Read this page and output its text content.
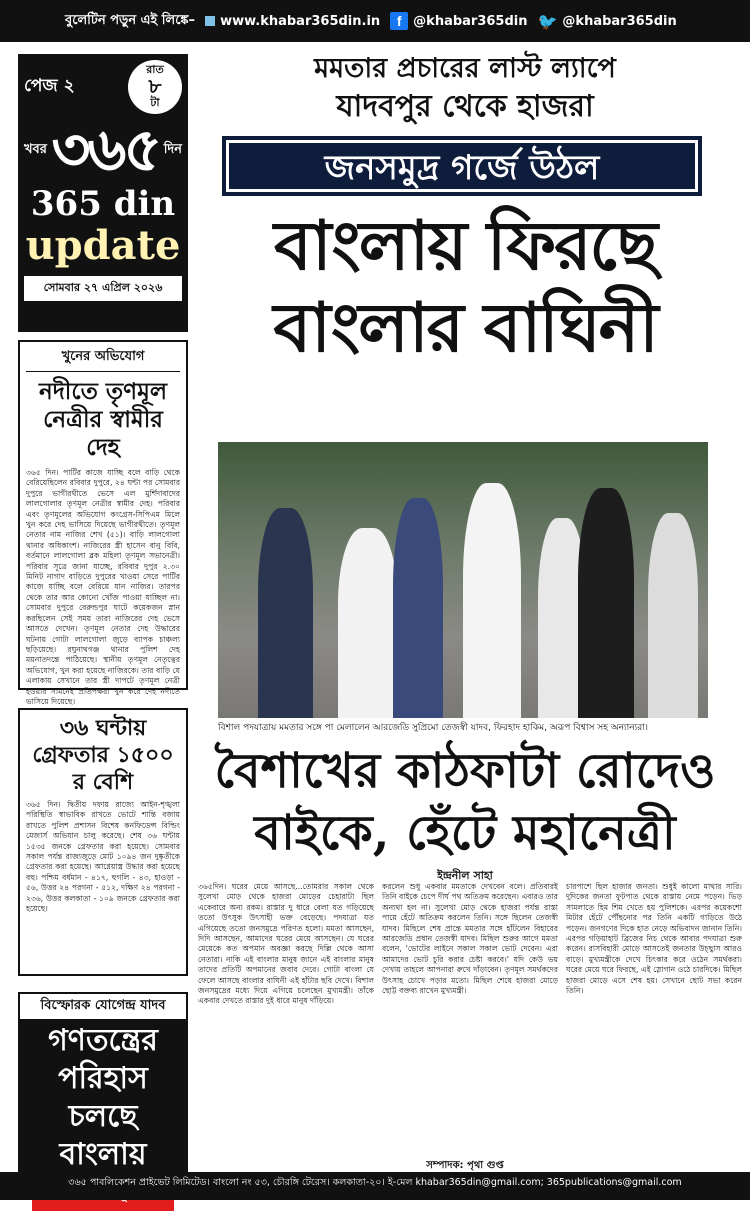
বুলেটিন পড়ুন এই লিঙ্কে– www.khabar365din.in	f @khabar365din 🐦 @khabar365din
পেজ ২
রাত
৮
টা
খবর ৩৬৫ দিন
365 din
update
সোমবার ২৭ এপ্রিল ২০২৬
খুনের অভিযোগ
নদীতে তৃণমূল নেত্রীর স্বামীর দেহ
৩৬৫ দিন। পার্টির কাজে যাচ্ছি বলে বাড়ি থেকে বেরিয়েছিলেন রবিবার দুপুরে, ২৪ ঘন্টা পর সোমবার দুপুরে ভাগীরথীতে ভেসে এল মুর্শিদাবাদের লালগোলার তৃণমূল নেত্রীর স্বামীর দেহ। পরিবার এবং তৃণমূলের অভিযোগ কংগ্রেস-সিপিএম মিলে খুন করে দেহ ভাসিয়ে দিয়েছে ভাগীরথীতে। তৃণমূল নেতার নাম নাজির শেখ (৫১)। বাড়ি লালগোলা থানার অধিকাংশ। নাজিরের স্ত্রী হাসেন বানু বিবি, বর্তমানে লালগোলা ব্লক মহিলা তৃণমূল সভানেত্রী। পরিবার সূত্রে জানা যাচ্ছে, রবিবার দুপুর ২.৩০ মিনিট নাগাদ বাড়িতে দুপুরের খাওয়া সেরে পার্টির কাজে যাচ্ছি বলে বেরিয়ে যান নাজির। তারপর থেকে তার আর কোনো খোঁজ পাওয়া যাচ্ছিল না। সোমবার দুপুরে বেরুন্ডপুর ঘাটে কয়েকজন স্নান করছিলেন সেই সময় তারা নাজিরের দেহ ভেসে আসতে দেখেন। তৃণমূল নেতার দেহ উদ্ধারের ঘটনায় গোটা লালগোলা জুড়ে ব্যাপক চাঞ্চল্য ছড়িয়েছে। রঘুনাথগঞ্জ থানার পুলিশ দেহ ময়নাতদন্তে পাঠিয়েছে। স্থানীয় তৃণমূল নেতৃত্বের অভিযোগ, খুন করা হয়েছে নাজিরকে। তার বাড়ি যে এলাকায় সেখানে তার স্ত্রী দাপটে তৃণমূল নেত্রী হওয়ার সামনেই প্রতিপক্ষরা খুন করে দেহ নদীতে ভাসিয়ে দিয়েছে।
৩৬ ঘন্টায় গ্রেফতার ১৫০০ র বেশি
৩৬৫ দিন। দ্বিতীয় দফায় রাজ্যে আইন-শৃঙ্খলা পরিস্থিতি স্বাভাবিক রাখতে ভোটে শান্তি বজায় রাখতে পুলিশ প্রশাসন বিশেষ কনফিডেন্স বিল্ডিং মেজার্স অভিযান চালু করেছে। শেষ ৩৬ ঘন্টায় ১৫৩৫ জনকে গ্রেফতার করা হয়েছে। সোমবার সকাল পর্যন্ত রাজ্যজুড়ে মোট ১০৯৪ জন দুষ্কৃতীকে গ্রেফতার করা হয়েছে। আগ্নেয়াস্ত্র উদ্ধার করা হয়েছে বহু। পশ্চিম বর্ধমান - ৪১৭, হুগলি - ৪৩, হাওড়া - ৫৬, উত্তর ২৪ পরগনা - ৫১২, দক্ষিণ ২৪ পরগনা - ২৩৬, উত্তর কলকাতা - ১০৯ জনকে গ্রেফতার করা হয়েছে।
বিস্ফোরক যোগেন্দ্র যাদব
গণতন্ত্রের পরিহাস চলছে বাংলায়
মমতার প্রচারের লাস্ট ল্যাপে
যাদবপুর থেকে হাজরা
জনসমুদ্র গর্জে উঠল
বাংলায় ফিরছে বাংলার বাঘিনী
বিশাল পদযাত্রায় মমতার সঙ্গে পা মেলালেন আরজেডি সুপ্রিমো তেজস্বী যাদব, ফিরহাদ হাকিম, অরূপ বিশ্বাস সহ অন্যান্যরা।
বৈশাখের কাঠফাটা রোদেও বাইকে, হেঁটে মহানেত্রী
ইন্দ্রনীল সাহা
৩৬৫দিন। ঘরের মেয়ে আসছে...তোমরার সকাল থেকে সুলেখা মোড় থেকে হাজরা মোড়ের চেহারাটা ছিল একেবারে অন্য রকম। রাস্তার দু ধারে বেলা যত গড়িয়েছে ততো উৎসুক উৎসাহী ভক্ত বেড়েছে। পদযাত্রা যত এগিয়েছে ততো জনসমুদ্রে পরিণত হলো। মমতা আসছেন, দিদি আসছেন, আমাদের ঘরের মেয়ে আসছেন। যে ঘরের মেয়েকে কত অপমান অবজ্ঞা করছে দিল্লি থেকে আসা নেতারা। নাকি এই বাংলার মানুষ জানে এই বাংলার মানুষ তাদের প্রতিটি অপমানের জবাব দেবে। গোটা বাংলা যে ফেলে আসছে বাংলার বাঘিনী এই হাঁটার ছবি দেখে। বিশাল জনসমুদ্রের মধ্যে দিয়ে এগিয়ে চলেছেন মুখ্যমন্ত্রী। তাঁকে একবার দেখতে রাস্তার দুই ধারে মানুষ দাঁড়িয়ে।
করলেন শুধু একবার মমতাকে দেখবেন বলে। প্রতিবারই তিনি বাইকে চেপে দীর্ঘ পথ অতিক্রম করেছেন। এবারও তার অন্যথা হল না। সুলেখা মোড় থেকে হাজরা পর্যন্ত রাস্তা পায়ে হেঁটে অতিক্রম করলেন তিনি। সঙ্গে ছিলেন তেজস্বী যাদব। মিছিলে শেষ প্রান্তে মমতার সঙ্গে হাঁটলেন বিহারের আরজেডি প্রধান তেজস্বী যাদব। মিছিল শুরুর আগে মমতা বলেন, 'ভোটের লাইনে সকাল সকাল ভোট দেবেন। এরা আমাদের ভোট চুরি করার চেষ্টা করবে।' যদি কেউ ভয় দেখায় তাহলে আপনারা রুখে দাঁড়াবেন। তৃণমূল সমর্থকদের উৎসাহ চোখে পড়ার মতো। মিছিল শেষে হাজরা মোড়ে ছোট্ট বক্তব্য রাখেন মুখ্যমন্ত্রী।
চারপাশে ছিল হাজার জনতা। শুধুই কালো মাথার সারি। দুদিকের জনতা ফুটপাত থেকে রাস্তায় নেমে পড়েন। ভিড় সামলাতে হিম শিম খেতে হয় পুলিশকে। এরপর কয়েকশো মিটার হেঁটে পৌঁছনোর পর তিনি একটি গাড়িতে উঠে পড়েন। জনগণের দিকে হাত নেড়ে অভিবাদন জানান তিনি। এরপর গড়িয়াহাট ব্রিজের নিচ থেকে আবার পদযাত্রা শুরু করেন। রাসবিহারী মোড়ে আসতেই জনতার উচ্ছ্বাস আরও বাড়ে। মুখ্যমন্ত্রীকে দেখে চিৎকার করে ওঠেন সমর্থকরা। ঘরের মেয়ে ঘরে ফিরছে, এই স্লোগান ওঠে চারদিকে। মিছিল হাজরা মোড়ে এসে শেষ হয়। সেখানে ছোট সভা করেন তিনি।
সম্পাদক: পৃথা গুপ্ত
৩৬৫ পাবলিকেশন প্রাইভেট লিমিটেড। বাংলো নং ৫৩, চৌরঙ্গি টেরেস। কলকাতা-২০। ই-মেল khabar365din@gmail.com; 365publications@gmail.com
